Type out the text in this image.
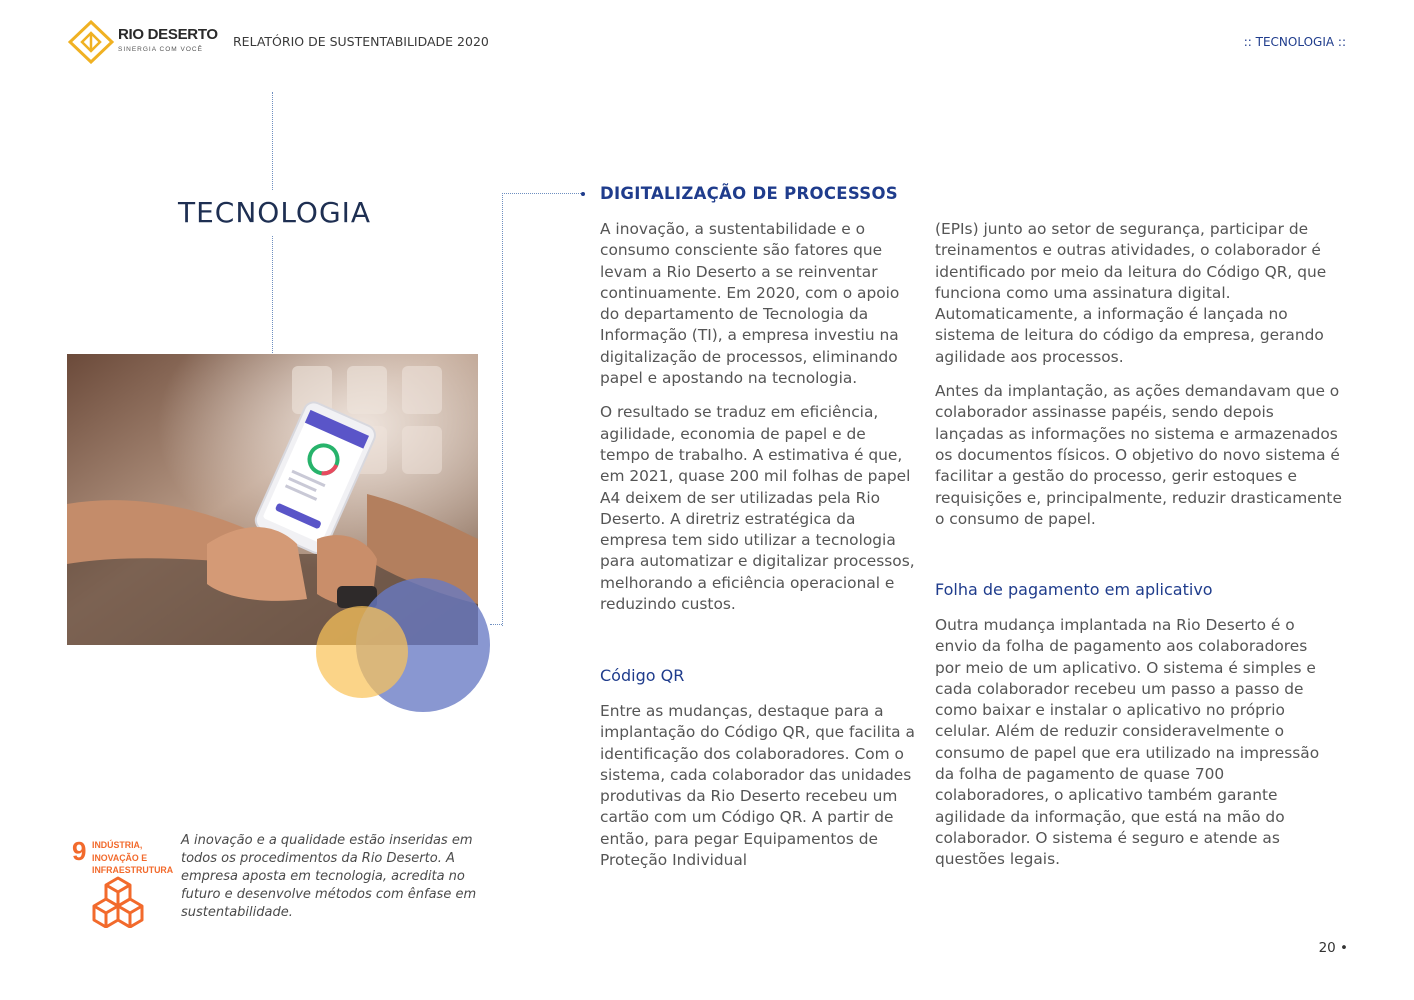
RIO DESERTO
SINERGIA COM VOCÊ
RELATÓRIO DE SUSTENTABILIDADE 2020	:: TECNOLOGIA ::
TECNOLOGIA
9 INDÚSTRIA,
INOVAÇÃO E
INFRAESTRUTURA
A inovação e a qualidade estão inseridas em todos os procedimentos da Rio Deserto. A empresa aposta em tecnologia, acredita no futuro e desenvolve métodos com ênfase em sustentabilidade.
DIGITALIZAÇÃO DE PROCESSOS

A inovação, a sustentabilidade e o consumo consciente são fatores que levam a Rio Deserto a se reinventar continuamente. Em 2020, com o apoio do departamento de Tecnologia da Informação (TI), a empresa investiu na digitalização de processos, eliminando papel e apostando na tecnologia.

O resultado se traduz em eficiência, agilidade, economia de papel e de tempo de trabalho. A estimativa é que, em 2021, quase 200 mil folhas de papel A4 deixem de ser utilizadas pela Rio Deserto. A diretriz estratégica da empresa tem sido utilizar a tecnologia para automatizar e digitalizar processos, melhorando a eficiência operacional e reduzindo custos.

Código QR

Entre as mudanças, destaque para a implantação do Código QR, que facilita a identificação dos colaboradores. Com o sistema, cada colaborador das unidades produtivas da Rio Deserto recebeu um cartão com um Código QR. A partir de então, para pegar Equipamentos de Proteção Individual

(EPIs) junto ao setor de segurança, participar de treinamentos e outras atividades, o colaborador é identificado por meio da leitura do Código QR, que funciona como uma assinatura digital. Automaticamente, a informação é lançada no sistema de leitura do código da empresa, gerando agilidade aos processos.

Antes da implantação, as ações demandavam que o colaborador assinasse papéis, sendo depois lançadas as informações no sistema e armazenados os documentos físicos. O objetivo do novo sistema é facilitar a gestão do processo, gerir estoques e requisições e, principalmente, reduzir drasticamente o consumo de papel.

Folha de pagamento em aplicativo

Outra mudança implantada na Rio Deserto é o envio da folha de pagamento aos colaboradores por meio de um aplicativo. O sistema é simples e cada colaborador recebeu um passo a passo de como baixar e instalar o aplicativo no próprio celular. Além de reduzir consideravelmente o consumo de papel que era utilizado na impressão da folha de pagamento de quase 700 colaboradores, o aplicativo também garante agilidade da informação, que está na mão do colaborador. O sistema é seguro e atende as questões legais.

20 •
